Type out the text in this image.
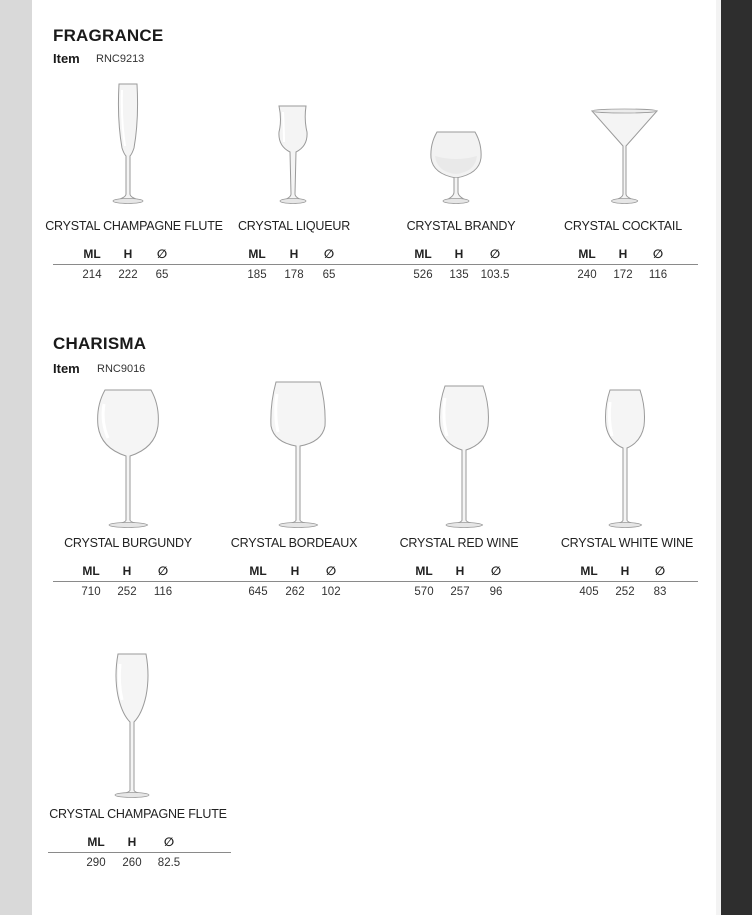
FRAGRANCE
Item RNC9213
CRYSTAL CHAMPAGNE FLUTE
ML	H	∅
214	222	65
CRYSTAL LIQUEUR
ML	H	∅
185	178	65
CRYSTAL BRANDY
ML	H	∅
526	135	103.5
CRYSTAL COCKTAIL
ML	H	∅
240	172	116
CHARISMA
Item RNC9016
CRYSTAL BURGUNDY
ML	H	∅
710	252	116
CRYSTAL BORDEAUX
ML	H	∅
645	262	102
CRYSTAL RED WINE
ML	H	∅
570	257	96
CRYSTAL WHITE WINE
ML	H	∅
405	252	83
CRYSTAL CHAMPAGNE FLUTE
ML	H	∅
290	260	82.5
